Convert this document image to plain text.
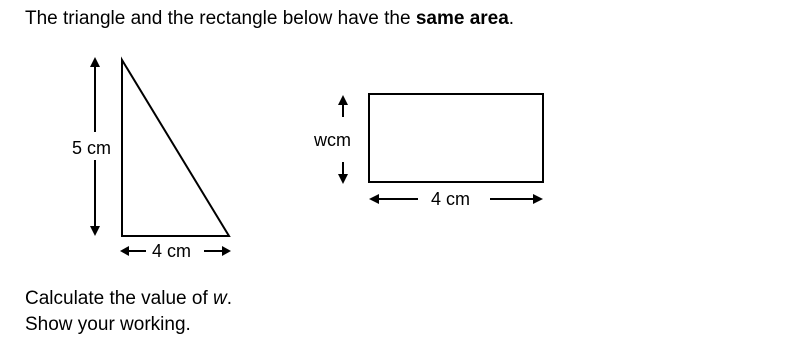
The triangle and the rectangle below have the same area.
5 cm
4 cm
wcm
4 cm
Calculate the value of w.
Show your working.
